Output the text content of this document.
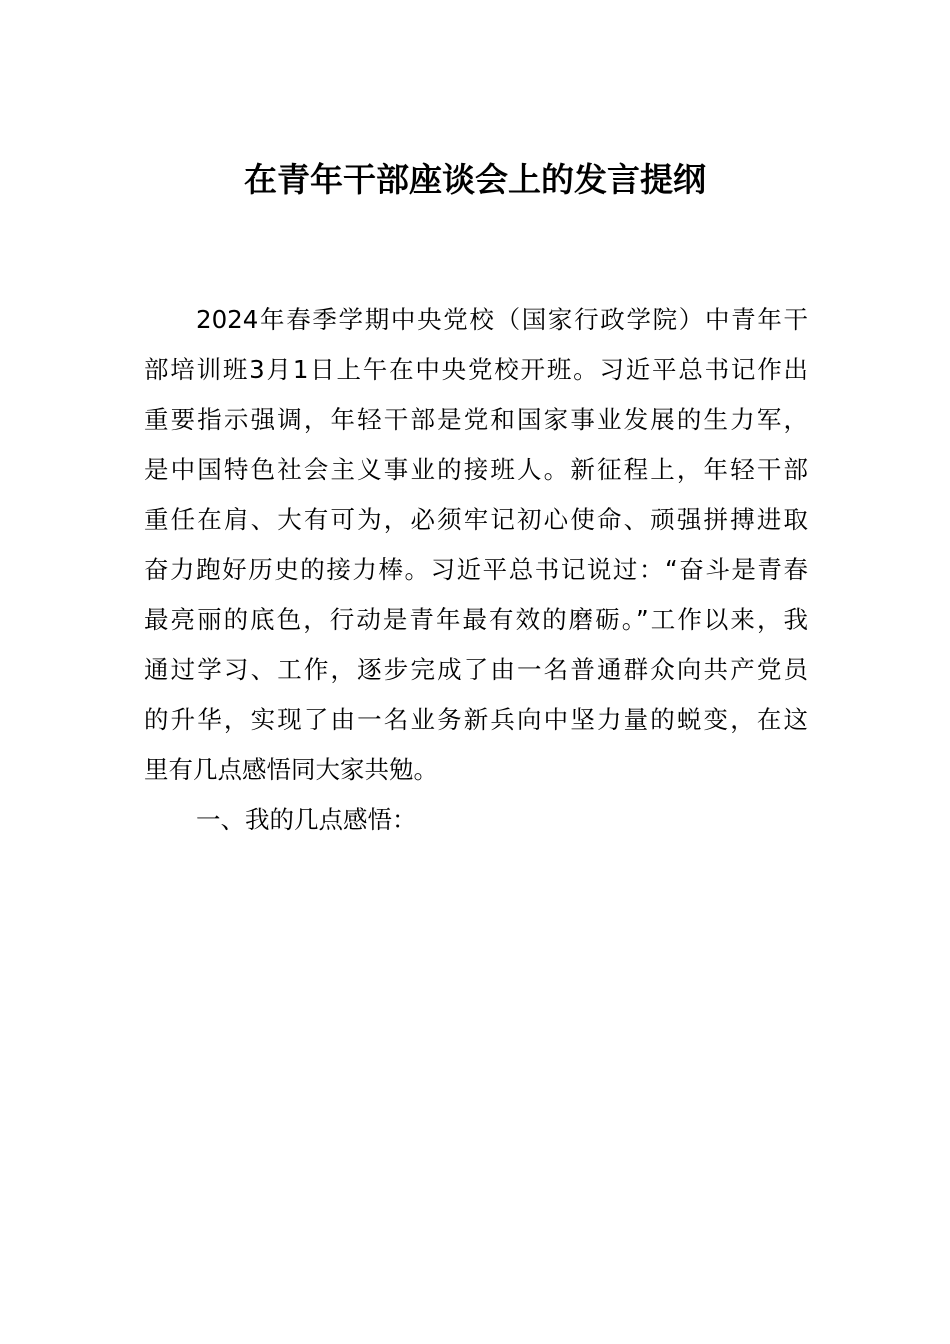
在青年干部座谈会上的发言提纲
2024年春季学期中央党校（国家行政学院）中青年干
部培训班3月1日上午在中央党校开班。习近平总书记作出
重要指示强调，年轻干部是党和国家事业发展的生力军，
是中国特色社会主义事业的接班人。新征程上，年轻干部
重任在肩、大有可为，必须牢记初心使命、顽强拼搏进取
奋力跑好历史的接力棒。习近平总书记说过：“奋斗是青春
最亮丽的底色，行动是青年最有效的磨砺。”工作以来，我
通过学习、工作，逐步完成了由一名普通群众向共产党员
的升华，实现了由一名业务新兵向中坚力量的蜕变，在这
里有几点感悟同大家共勉。
一、我的几点感悟：
